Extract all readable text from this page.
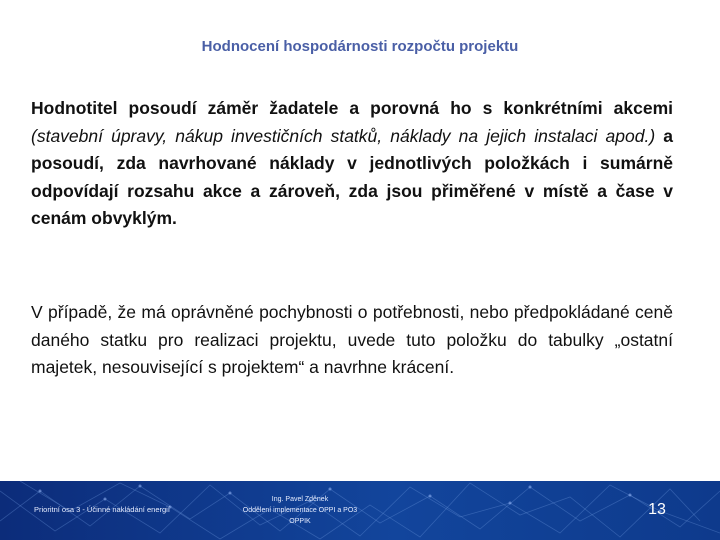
Hodnocení hospodárnosti rozpočtu projektu
Hodnotitel posoudí záměr žadatele a porovná ho s konkrétními akcemi (stavební úpravy, nákup investičních statků, náklady na jejich instalaci apod.) a posoudí, zda navrhované náklady v jednotlivých položkách i sumárně odpovídají rozsahu akce a zároveň, zda jsou přiměřené v místě a čase v cenám obvyklým.
V případě, že má oprávněné pochybnosti o potřebnosti, nebo předpokládané ceně daného statku pro realizaci projektu, uvede tuto položku do tabulky „ostatní majetek, nesouvisející s projektem“ a navrhne krácení.
Prioritní osa 3 - Účinné nakládání energií
Ing. Pavel Zděnek
Oddělení implementace OPPI a PO3
OPPIK
13
